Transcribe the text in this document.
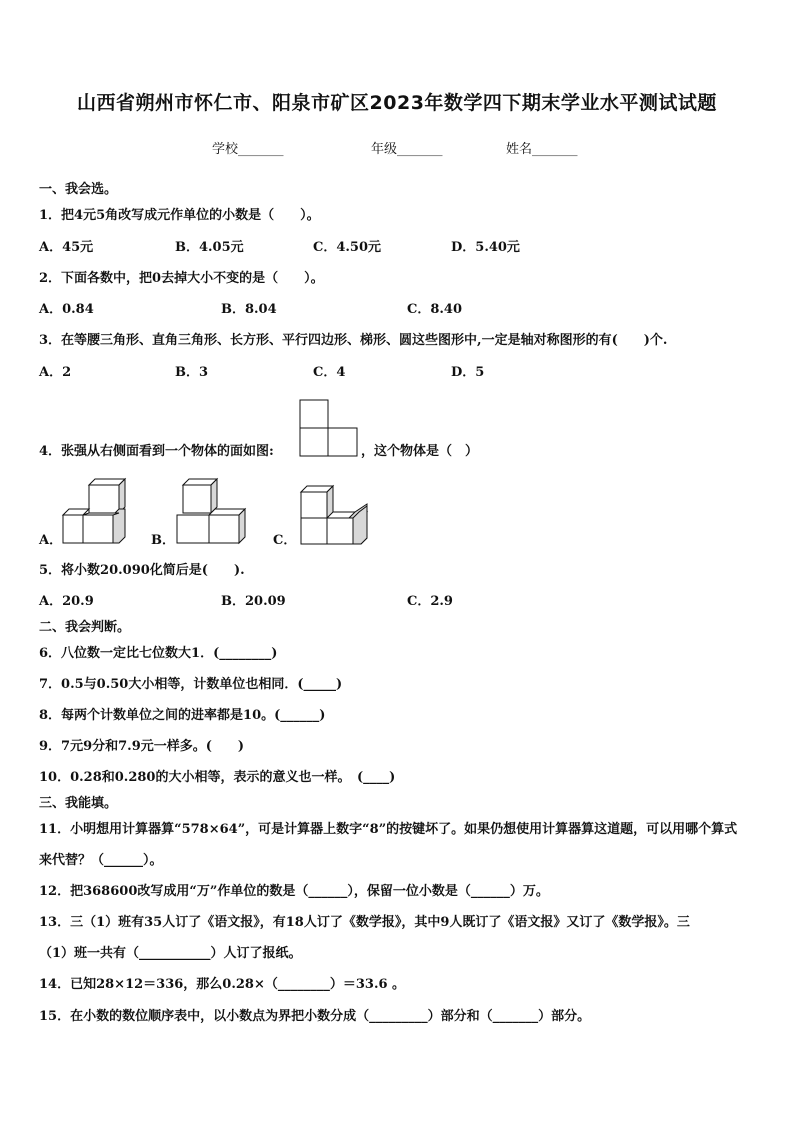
山西省朔州市怀仁市、阳泉市矿区2023年数学四下期末学业水平测试试题
学校_______	年级_______	姓名_______
一、我会选。
1．把4元5角改写成元作单位的小数是（　　）。
A．45元	B．4.05元	C．4.50元	D．5.40元
2．下面各数中，把0去掉大小不变的是（　　）。
A．0.84	B．8.04	C．8.40
3．在等腰三角形、直角三角形、长方形、平行四边形、梯形、圆这些图形中,一定是轴对称图形的有(　　)个.
A．2	B．3	C．4	D．5
4．张强从右侧面看到一个物体的面如图:	，这个物体是（　）
A．	B．	C．
5．将小数20.090化简后是(　　).
A．20.9	B．20.09	C．2.9
二、我会判断。
6．八位数一定比七位数大1．(________)
7．0.5与0.50大小相等，计数单位也相同．(_____)
8．每两个计数单位之间的进率都是10。(______)
9．7元9分和7.9元一样多。(　　)
10．0.28和0.280的大小相等，表示的意义也一样。　(____)
三、我能填。
11．小明想用计算器算“578×64”，可是计算器上数字“8”的按键坏了。如果仍想使用计算器算这道题，可以用哪个算式
来代替？（______）。
12．把368600改写成用“万”作单位的数是（______），保留一位小数是（______）万。
13．三（1）班有35人订了《语文报》，有18人订了《数学报》，其中9人既订了《语文报》又订了《数学报》。三
（1）班一共有（___________）人订了报纸。
14．已知28×12＝336，那么0.28×（________）＝33.6 。
15．在小数的数位顺序表中，以小数点为界把小数分成（_________）部分和（_______）部分。
